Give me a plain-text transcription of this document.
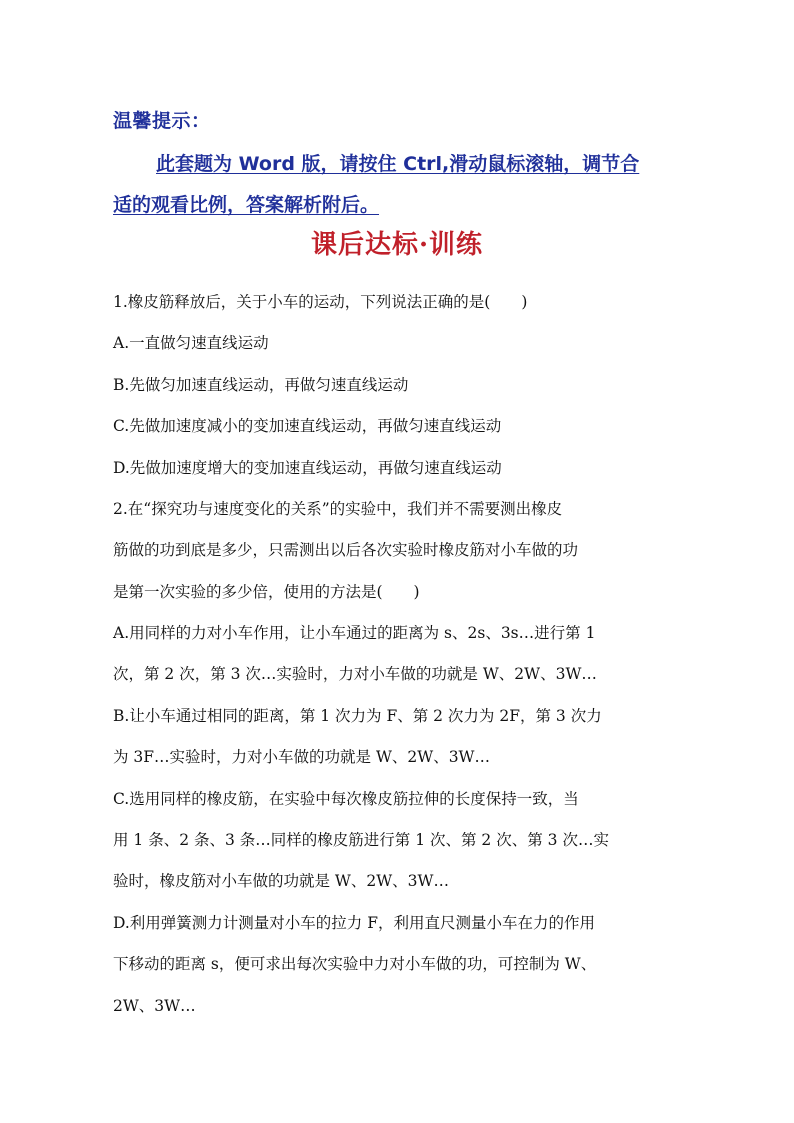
温馨提示：
此套题为 Word 版，请按住 Ctrl,滑动鼠标滚轴，调节合
适的观看比例，答案解析附后。
课后达标·训练
1.橡皮筋释放后，关于小车的运动，下列说法正确的是(　　)
A.一直做匀速直线运动
B.先做匀加速直线运动，再做匀速直线运动
C.先做加速度减小的变加速直线运动，再做匀速直线运动
D.先做加速度增大的变加速直线运动，再做匀速直线运动
2.在“探究功与速度变化的关系”的实验中，我们并不需要测出橡皮
筋做的功到底是多少，只需测出以后各次实验时橡皮筋对小车做的功
是第一次实验的多少倍，使用的方法是(　　)
A.用同样的力对小车作用，让小车通过的距离为 s、2s、3s…进行第 1
次，第 2 次，第 3 次…实验时，力对小车做的功就是 W、2W、3W…
B.让小车通过相同的距离，第 1 次力为 F、第 2 次力为 2F，第 3 次力
为 3F…实验时，力对小车做的功就是 W、2W、3W…
C.选用同样的橡皮筋，在实验中每次橡皮筋拉伸的长度保持一致，当
用 1 条、2 条、3 条…同样的橡皮筋进行第 1 次、第 2 次、第 3 次…实
验时，橡皮筋对小车做的功就是 W、2W、3W…
D.利用弹簧测力计测量对小车的拉力 F，利用直尺测量小车在力的作用
下移动的距离 s，便可求出每次实验中力对小车做的功，可控制为 W、
2W、3W…
